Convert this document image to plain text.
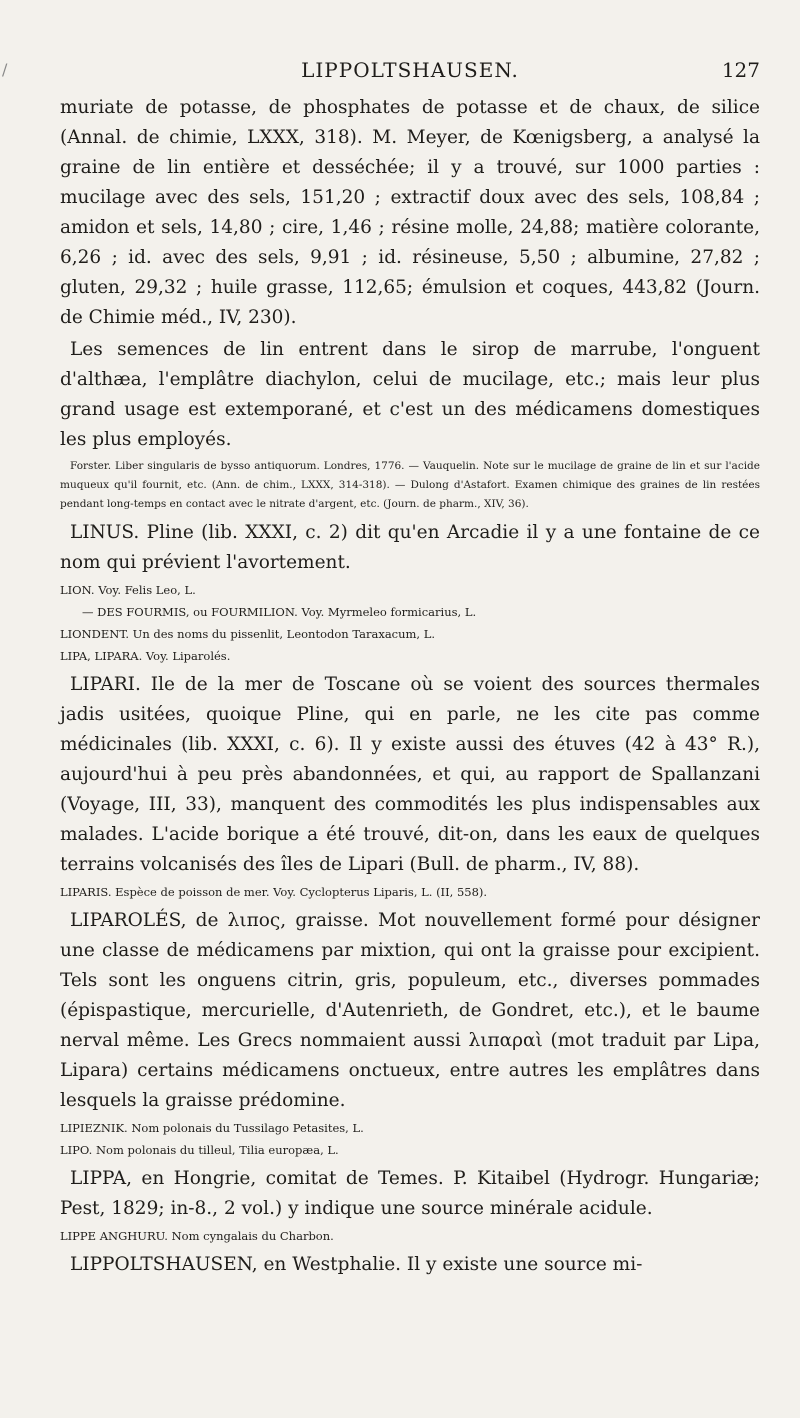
/	LIPPOLTSHAUSEN.	127

muriate de potasse, de phosphates de potasse et de chaux, de silice (Annal. de chimie, LXXX, 318). M. Meyer, de Kœnigsberg, a analysé la graine de lin entière et desséchée; il y a trouvé, sur 1000 parties : mucilage avec des sels, 151,20 ; extractif doux avec des sels, 108,84 ; amidon et sels, 14,80 ; cire, 1,46 ; résine molle, 24,88; matière colorante, 6,26 ; id. avec des sels, 9,91 ; id. résineuse, 5,50 ; albumine, 27,82 ; gluten, 29,32 ; huile grasse, 112,65; émulsion et coques, 443,82 (Journ. de Chimie méd., IV, 230).

Les semences de lin entrent dans le sirop de marrube, l'onguent d'althæa, l'emplâtre diachylon, celui de mucilage, etc.; mais leur plus grand usage est extemporané, et c'est un des médicamens domestiques les plus employés.

Forster. Liber singularis de bysso antiquorum. Londres, 1776. — Vauquelin. Note sur le mucilage de graine de lin et sur l'acide muqueux qu'il fournit, etc. (Ann. de chim., LXXX, 314-318). — Dulong d'Astafort. Examen chimique des graines de lin restées pendant long-temps en contact avec le nitrate d'argent, etc. (Journ. de pharm., XIV, 36).

LINUS. Pline (lib. XXXI, c. 2) dit qu'en Arcadie il y a une fontaine de ce nom qui prévient l'avortement.

LION. Voy. Felis Leo, L.

— DES FOURMIS, ou FOURMILION. Voy. Myrmeleo formicarius, L.

LIONDENT. Un des noms du pissenlit, Leontodon Taraxacum, L.

LIPA, LIPARA. Voy. Liparolés.

LIPARI. Ile de la mer de Toscane où se voient des sources thermales jadis usitées, quoique Pline, qui en parle, ne les cite pas comme médicinales (lib. XXXI, c. 6). Il y existe aussi des étuves (42 à 43° R.), aujourd'hui à peu près abandonnées, et qui, au rapport de Spallanzani (Voyage, III, 33), manquent des commodités les plus indispensables aux malades. L'acide borique a été trouvé, dit-on, dans les eaux de quelques terrains volcanisés des îles de Lipari (Bull. de pharm., IV, 88).

LIPARIS. Espèce de poisson de mer. Voy. Cyclopterus Liparis, L. (II, 558).

LIPAROLÉS, de λιπος, graisse. Mot nouvellement formé pour désigner une classe de médicamens par mixtion, qui ont la graisse pour excipient. Tels sont les onguens citrin, gris, populeum, etc., diverses pommades (épispastique, mercurielle, d'Autenrieth, de Gondret, etc.), et le baume nerval même. Les Grecs nommaient aussi λιπαραὶ (mot traduit par Lipa, Lipara) certains médicamens onctueux, entre autres les emplâtres dans lesquels la graisse prédomine.

LIPIEZNIK. Nom polonais du Tussilago Petasites, L.

LIPO. Nom polonais du tilleul, Tilia europæa, L.

LIPPA, en Hongrie, comitat de Temes. P. Kitaibel (Hydrogr. Hungariæ; Pest, 1829; in-8., 2 vol.) y indique une source minérale acidule.

LIPPE ANGHURU. Nom cyngalais du Charbon.

LIPPOLTSHAUSEN, en Westphalie. Il y existe une source mi-
